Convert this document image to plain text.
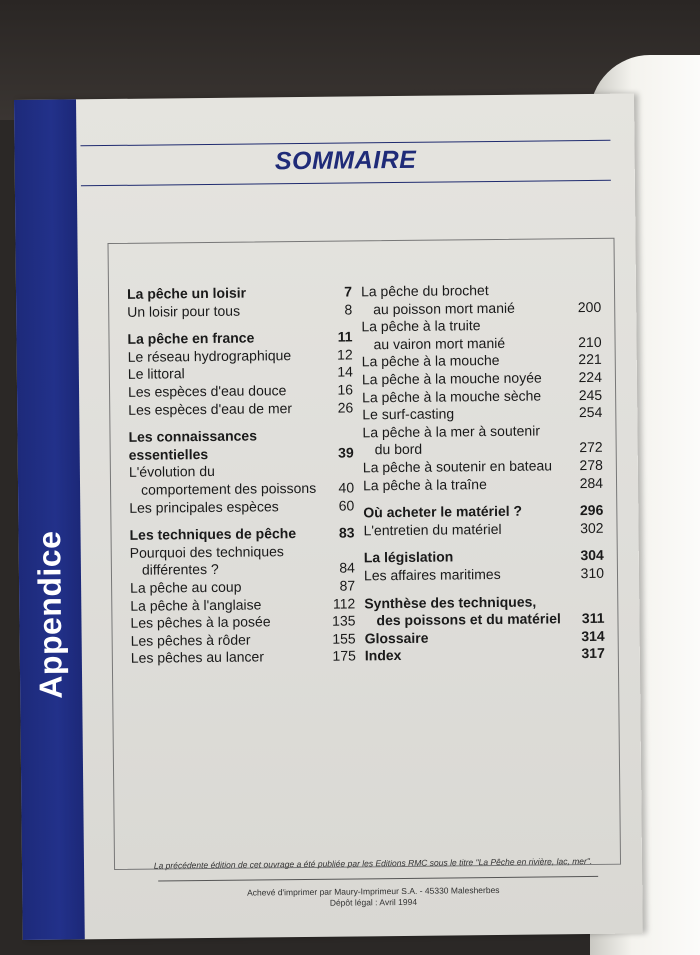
Appendice
SOMMAIRE
La pêche un loisir	7
Un loisir pour tous	8
La pêche en france	11
Le réseau hydrographique	12
Le littoral	14
Les espèces d'eau douce	16
Les espèces d'eau de mer	26
Les connaissances
essentielles	39
L'évolution du
comportement des poissons 40
Les principales espèces	60
Les techniques de pêche	83
Pourquoi des techniques
différentes ?	84
La pêche au coup	87
La pêche à l'anglaise	112
Les pêches à la posée	135
Les pêches à rôder	155
Les pêches au lancer	175
La pêche du brochet
au poisson mort manié	200
La pêche à la truite
au vairon mort manié	210
La pêche à la mouche	221
La pêche à la mouche noyée	224
La pêche à la mouche sèche	245
Le surf-casting	254
La pêche à la mer à soutenir
du bord	272
La pêche à soutenir en bateau 278
La pêche à la traîne	284
Où acheter le matériel ?	296
L'entretien du matériel	302
La législation	304
Les affaires maritimes	310
Synthèse des techniques,
des poissons et du matériel 311
Glossaire	314
Index	317
La précédente édition de cet ouvrage a été publiée par les Editions RMC sous le titre "La Pêche en rivière, lac, mer".
Achevé d'imprimer par Maury-Imprimeur S.A. - 45330 Malesherbes
Dépôt légal : Avril 1994
